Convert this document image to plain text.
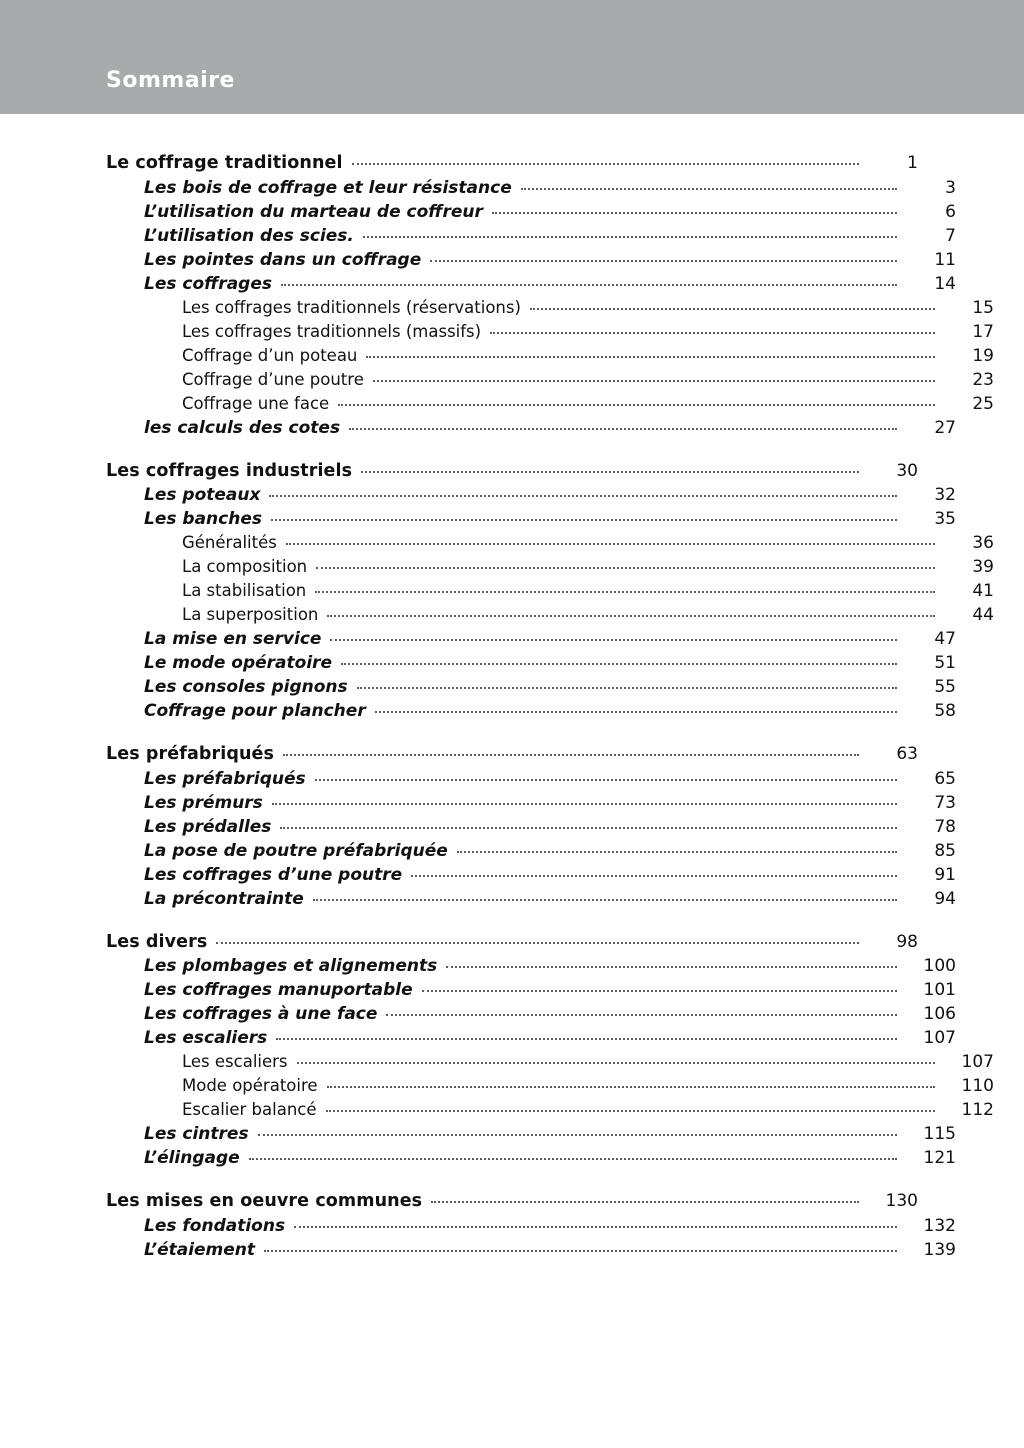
Sommaire
Le coffrage traditionnel	1
Les bois de coffrage et leur résistance	3
L’utilisation du marteau de coffreur	6
L’utilisation des scies.	7
Les pointes dans un coffrage	11
Les coffrages	14
Les coffrages traditionnels (réservations)	15
Les coffrages traditionnels (massifs)	17
Coffrage d’un poteau	19
Coffrage d’une poutre	23
Coffrage une face	25
les calculs des cotes	27
Les coffrages industriels	30
Les poteaux	32
Les banches	35
Généralités	36
La composition	39
La stabilisation	41
La superposition	44
La mise en service	47
Le mode opératoire	51
Les consoles pignons	55
Coffrage pour plancher	58
Les préfabriqués	63
Les préfabriqués	65
Les prémurs	73
Les prédalles	78
La pose de poutre préfabriquée	85
Les coffrages d’une poutre	91
La précontrainte	94
Les divers	98
Les plombages et alignements	100
Les coffrages manuportable	101
Les coffrages à une face	106
Les escaliers	107
Les escaliers	107
Mode opératoire	110
Escalier balancé	112
Les cintres	115
L’élingage	121
Les mises en oeuvre communes	130
Les fondations	132
L’étaiement	139
